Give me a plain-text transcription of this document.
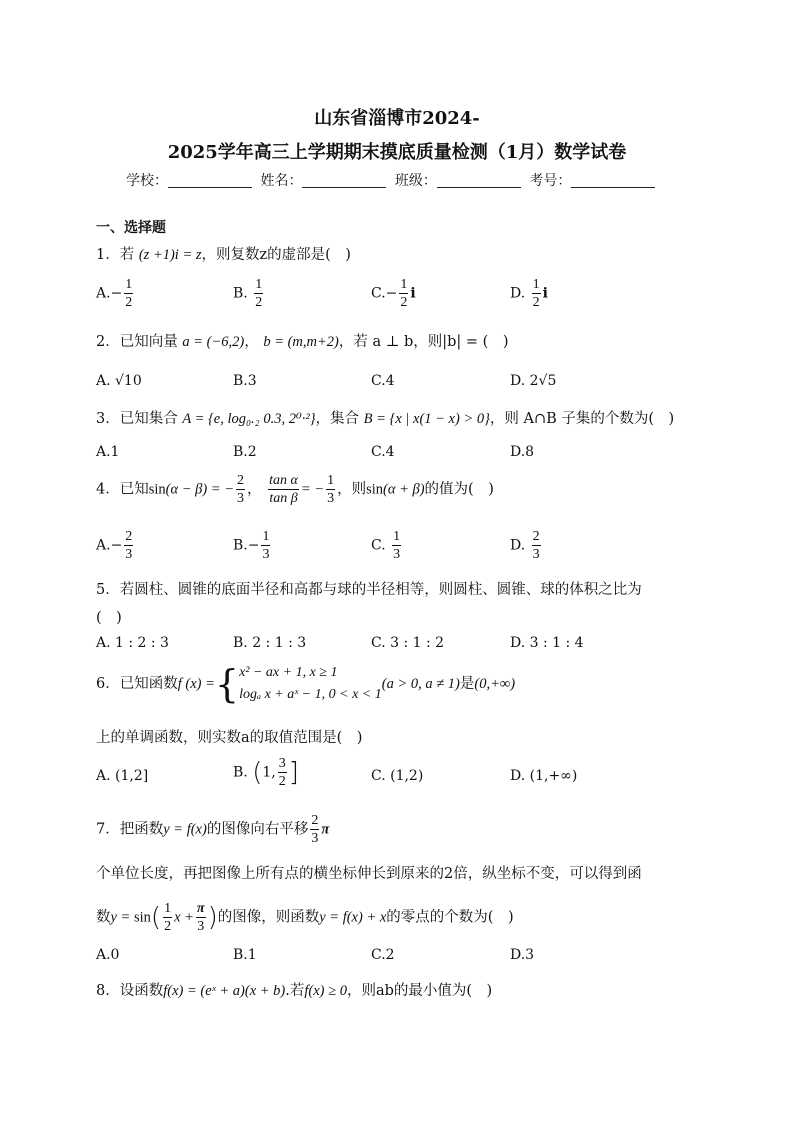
山东省淄博市2024-
2025学年高三上学期期末摸底质量检测（1月）数学试卷
学校：	姓名：	班级：	考号：
一、选择题
1．若 (z +1)i = z，则复数z的虚部是(　)
$A.- \frac{1}{2}$	B. $\frac{1}{2}$	$C.- \frac{1}{2}$ i	D. $\frac{1}{2}$ i
2．已知向量 a = (−6,2)， b = (m,m+2)，若 a ⊥ b，则|b| = (　)
A. √10	B.3	C.4	D. 2√5
3．已知集合 A = {e, log₀.₂ 0.3, 2⁰·²}，集合 B = {x | x(1 − x) > 0}，则 A∩B 子集的个数为(　)
A.1	B.2	C.4	D.8
4．已知sin(α − β) = − $\frac{2}{3}$ ， $\frac{\text{tan α}}{\text{tan β}}$ = − $\frac{1}{3}$ ，则sin(α + β)的值为(　)
$A.- \frac{2}{3}$	$B.- \frac{1}{3}$	C. $\frac{1}{3}$	D. $\frac{2}{3}$
5．若圆柱、圆锥的底面半径和高都与球的半径相等，则圆柱、圆锥、球的体积之比为
(　)
A. 1 : 2 : 3	B. 2 : 1 : 3	C. 3 : 1 : 2	D. 3 : 1 : 4
6．已知函数f (x) ={ x² − ax + 1, x ≥ 1
logₐ x + aˣ − 1, 0 < x < 1
(a > 0, a ≠ 1)是(0,+∞)
上的单调函数，则实数a的取值范围是(　)
A. (1,2]	B. (1, $\frac{3}{2}$ ]	C. (1,2)	D. (1,+∞)
7．把函数y = f(x)的图像向右平移 $\frac{2}{3}$ π
个单位长度，再把图像上所有点的横坐标伸长到原来的2倍，纵坐标不变，可以得到函
数$y = \sin( \frac{1}{2}$ $x + \frac{\pi}{3}$ )的图像，则函数y = f(x) + x的零点的个数为(　)
A.0	B.1	C.2	D.3
8．设函数f(x) = (eˣ + a)(x + b).若f(x) ≥ 0，则ab的最小值为(　)
